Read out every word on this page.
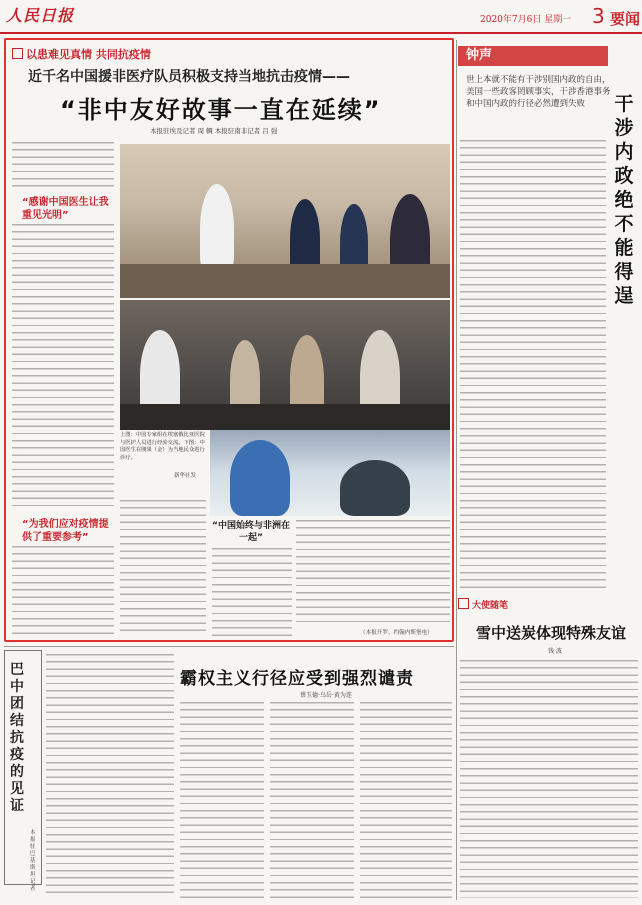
人民日报	2020年7月6日 星期一 3 要闻
以患难见真情 共同抗疫情
近千名中国援非医疗队员积极支持当地抗击疫情——
“非中友好故事一直在延续”
本报驻埃及记者 周 輖 本报驻南非记者 吕 强
“感谢中国医生让我重见光明”
“为我们应对疫情提供了重要参考”
上图：中国专家组在埃塞俄比亚医院与医护人员进行经验交流。下图：中国医生在刚果（金）为当地民众进行诊疗。
新华社发
“中国始终与非洲在一起”
（本报开罗、约翰内斯堡电）
钟声
世上本就不能有干涉别国内政的自由，美国一些政客罔顾事实，干涉香港事务和中国内政的行径必然遭到失败	干涉内政绝不能得逞
大使随笔
雪中送炭体现特殊友谊
钱 波
巴中团结抗疫的见证
本报驻巴基斯坦记者
霸权主义行径应受到强烈谴责
蔡玉德·乌岳·黄为连
